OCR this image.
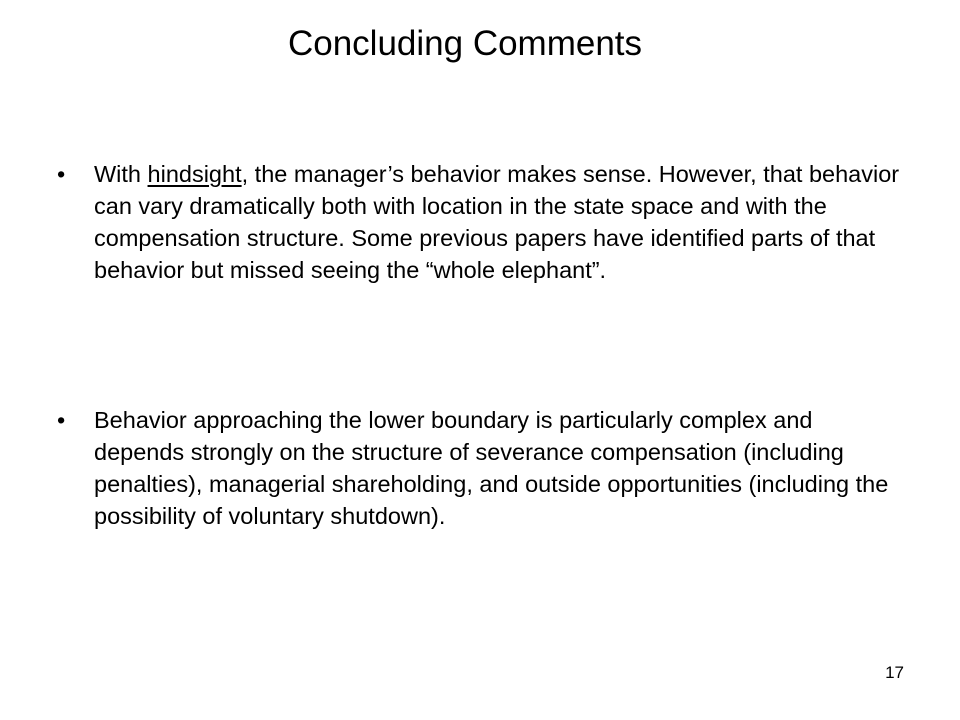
Concluding Comments
• With hindsight, the manager’s behavior makes sense. However, that behavior can vary dramatically both with location in the state space and with the compensation structure. Some previous papers have identified parts of that behavior but missed seeing the “whole elephant”.
• Behavior approaching the lower boundary is particularly complex and depends strongly on the structure of severance compensation (including penalties), managerial shareholding, and outside opportunities (including the possibility of voluntary shutdown).
17
